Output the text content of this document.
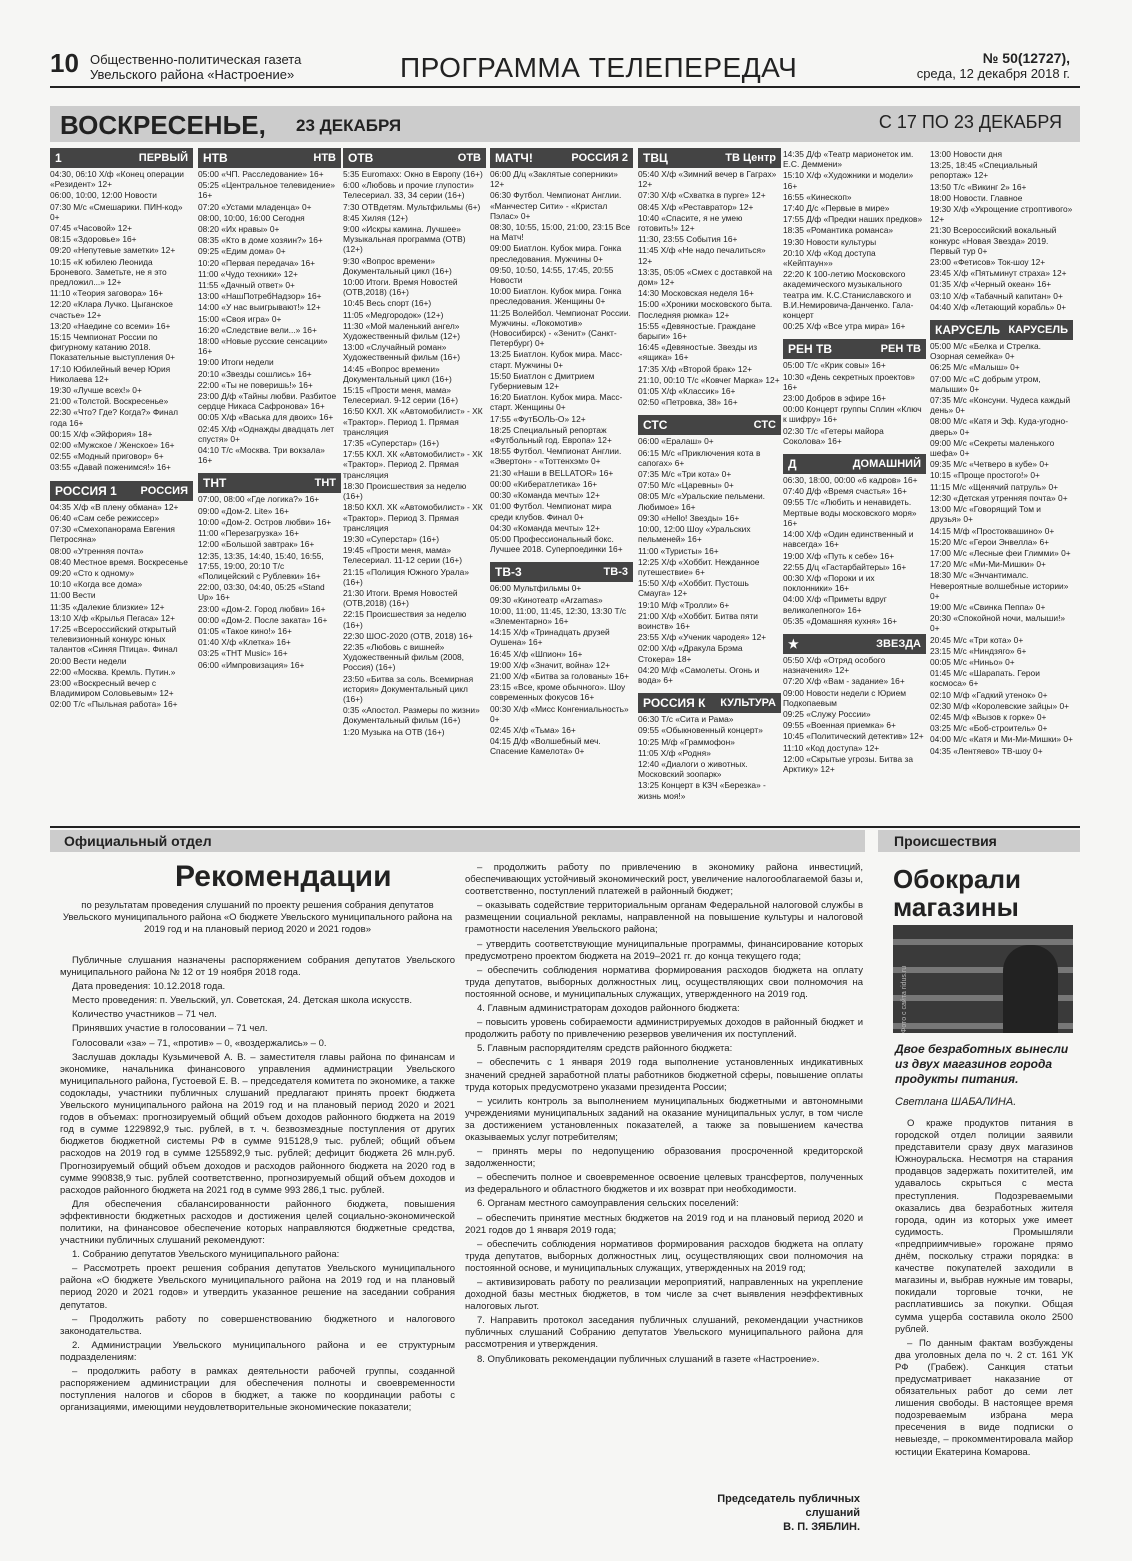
10 Общественно-политическая газета
Увельского района «Настроение»	ПРОГРАММА ТЕЛЕПЕРЕДАЧ	№ 50(12727),
среда, 12 декабря 2018 г.
ВОСКРЕСЕНЬЕ, 23 ДЕКАБРЯ	С 17 ПО 23 ДЕКАБРЯ
1	ПЕРВЫЙ
04:30, 06:10 Х/ф «Конец операции «Резидент» 12+
06:00, 10:00, 12:00 Новости
07:30 М/с «Смешарики. ПИН-код» 0+
07:45 «Часовой» 12+
08:15 «Здоровье» 16+
09:20 «Непутевые заметки» 12+
10:15 «К юбилею Леонида Броневого. Заметьте, не я это предложил...» 12+
11:10 «Теория заговора» 16+
12:20 «Клара Лучко. Цыганское счастье» 12+
13:20 «Наедине со всеми» 16+
15:15 Чемпионат России по фигурному катанию 2018. Показательные выступления 0+
17:10 Юбилейный вечер Юрия Николаева 12+
19:30 «Лучше всех!» 0+
21:00 «Толстой. Воскресенье»
22:30 «Что? Где? Когда?» Финал года 16+
00:15 Х/ф «Эйфория» 18+
02:00 «Мужское / Женское» 16+
02:55 «Модный приговор» 6+
03:55 «Давай поженимся!» 16+
РОССИЯ 1 РОССИЯ
04:35 Х/ф «В плену обмана» 12+
06:40 «Сам себе режиссер»
07:30 «Смехопанорама Евгения Петросяна»
08:00 «Утренняя почта»
08:40 Местное время. Воскресенье
09:20 «Сто к одному»
10:10 «Когда все дома»
11:00 Вести
11:35 «Далекие близкие» 12+
13:10 Х/ф «Крылья Пегаса» 12+
17:25 «Всероссийский открытый телевизионный конкурс юных талантов «Синяя Птица». Финал
20:00 Вести недели
22:00 «Москва. Кремль. Путин.»
23:00 «Воскресный вечер с Владимиром Соловьевым» 12+
02:00 Т/с «Пыльная работа» 16+
НТВ	НТВ
05:00 «ЧП. Расследование» 16+
05:25 «Центральное телевидение» 16+
07:20 «Устами младенца» 0+
08:00, 10:00, 16:00 Сегодня
08:20 «Их нравы» 0+
08:35 «Кто в доме хозяин?» 16+
09:25 «Едим дома» 0+
10:20 «Первая передача» 16+
11:00 «Чудо техники» 12+
11:55 «Дачный ответ» 0+
13:00 «НашПотребНадзор» 16+
14:00 «У нас выигрывают!» 12+
15:00 «Своя игра» 0+
16:20 «Следствие вели...» 16+
18:00 «Новые русские сенсации» 16+
19:00 Итоги недели
20:10 «Звезды сошлись» 16+
22:00 «Ты не поверишь!» 16+
23:00 Д/ф «Тайны любви. Разбитое сердце Никаса Сафронова» 16+
00:05 Х/ф «Васька для двоих» 16+
02:45 Х/ф «Однажды двадцать лет спустя» 0+
04:10 Т/с «Москва. Три вокзала» 16+
ТНТ	ТНТ
07:00, 08:00 «Где логика?» 16+
09:00 «Дом-2. Lite» 16+
10:00 «Дом-2. Остров любви» 16+
11:00 «Перезагрузка» 16+
12:00 «Большой завтрак» 16+
12:35, 13:35, 14:40, 15:40, 16:55, 17:55, 19:00, 20:10 Т/с «Полицейский с Рублевки» 16+
22:00, 03:30, 04:40, 05:25 «Stand Up» 16+
23:00 «Дом-2. Город любви» 16+
00:00 «Дом-2. После заката» 16+
01:05 «Такое кино!» 16+
01:40 Х/ф «Клетка» 16+
03:25 «ТНТ Music» 16+
06:00 «Импровизация» 16+
ОТВ	ОТВ
5:35 Euromaxx: Окно в Европу (16+)
6:00 «Любовь и прочие глупости» Телесериал. 33, 34 серии (16+)
7:30 ОТВдетям. Мультфильмы (6+)
8:45 Хиляя (12+)
9:00 «Искры камина. Лучшее» Музыкальная программа (ОТВ) (12+)
9:30 «Вопрос времени» Документальный цикл (16+)
10:00 Итоги. Время Новостей (ОТВ,2018) (16+)
10:45 Весь спорт (16+)
11:05 «Медгородок» (12+)
11:30 «Мой маленький ангел» Художественный фильм (12+)
13:00 «Случайный роман» Художественный фильм (16+)
14:45 «Вопрос времени» Документальный цикл (16+)
15:15 «Прости меня, мама» Телесериал. 9-12 серии (16+)
16:50 КХЛ. ХК «Автомобилист» - ХК «Трактор». Период 1. Прямая трансляция
17:35 «Суперстар» (16+)
17:55 КХЛ. ХК «Автомобилист» - ХК «Трактор». Период 2. Прямая трансляция
18:30 Происшествия за неделю (16+)
18:50 КХЛ. ХК «Автомобилист» - ХК «Трактор». Период 3. Прямая трансляция
19:30 «Суперстар» (16+)
19:45 «Прости меня, мама» Телесериал. 11-12 серии (16+)
21:15 «Полиция Южного Урала» (16+)
21:30 Итоги. Время Новостей (ОТВ,2018) (16+)
22:15 Происшествия за неделю (16+)
22:30 ШОС-2020 (ОТВ, 2018) 16+
22:35 «Любовь с вишней» Художественный фильм (2008, Россия) (16+)
23:50 «Битва за соль. Всемирная история» Документальный цикл (16+)
0:35 «Апостол. Размеры по жизни» Документальный фильм (16+)
1:20 Музыка на ОТВ (16+)
МАТЧ!	РОССИЯ 2
06:00 Д/ц «Заклятые соперники» 12+
06:30 Футбол. Чемпионат Англии. «Манчестер Сити» - «Кристал Пэлас» 0+
08:30, 10:55, 15:00, 21:00, 23:15 Все на Матч!
09:00 Биатлон. Кубок мира. Гонка преследования. Мужчины 0+
09:50, 10:50, 14:55, 17:45, 20:55 Новости
10:00 Биатлон. Кубок мира. Гонка преследования. Женщины 0+
11:25 Волейбол. Чемпионат России. Мужчины. «Локомотив» (Новосибирск) - «Зенит» (Санкт-Петербург) 0+
13:25 Биатлон. Кубок мира. Масс-старт. Мужчины 0+
15:50 Биатлон с Дмитрием Губерниевым 12+
16:20 Биатлон. Кубок мира. Масс-старт. Женщины 0+
17:55 «ФутБОЛЬ-О» 12+
18:25 Специальный репортаж «Футбольный год. Европа» 12+
18:55 Футбол. Чемпионат Англии. «Эвертон» - «Тоттенхэм» 0+
21:30 «Наши в BELLATOR» 16+
00:00 «Кибератлетика» 16+
00:30 «Команда мечты» 12+
01:00 Футбол. Чемпионат мира среди клубов. Финал 0+
04:30 «Команда мечты» 12+
05:00 Профессиональный бокс. Лучшее 2018. Суперпоединки 16+
ТВ-3	ТВ-3
06:00 Мультфильмы 0+
09:30 «Кинотеатр «Arzamas»
10:00, 11:00, 11:45, 12:30, 13:30 Т/с «Элементарно» 16+
14:15 Х/ф «Тринадцать друзей Оушена» 16+
16:45 Х/ф «Шпион» 16+
19:00 Х/ф «Значит, война» 12+
21:00 Х/ф «Битва за голованы» 16+
23:15 «Все, кроме обычного». Шоу современных фокусов 16+
00:30 Х/ф «Мисс Конгениальность» 0+
02:45 Х/ф «Тьма» 16+
04:15 Д/ф «Волшебный меч. Спасение Камелота» 0+
ТВЦ	ТВ Центр
05:40 Х/ф «Зимний вечер в Гаграх» 12+
07:30 Х/ф «Схватка в пурге» 12+
08:45 Х/ф «Реставратор» 12+
10:40 «Спасите, я не умею готовить!» 12+
11:30, 23:55 События 16+
11:45 Х/ф «Не надо печалиться» 12+
13:35, 05:05 «Смех с доставкой на дом» 12+
14:30 Московская неделя 16+
15:00 «Хроники московского быта. Последняя рюмка» 12+
15:55 «Девяностые. Граждане барыги» 16+
16:45 «Девяностые. Звезды из «ящика» 16+
17:35 Х/ф «Второй брак» 12+
21:10, 00:10 Т/с «Ковчег Марка» 12+
01:05 Х/ф «Классик» 16+
02:50 «Петровка, 38» 16+
СТС	СТС
06:00 «Ералаш» 0+
06:15 М/с «Приключения кота в сапогах» 6+
07:35 М/с «Три кота» 0+
07:50 М/с «Царевны» 0+
08:05 М/с «Уральские пельмени. Любимое» 16+
09:30 «Hello! Звезды» 16+
10:00, 12:00 Шоу «Уральских пельменей» 16+
11:00 «Туристы» 16+
12:25 Х/ф «Хоббит. Нежданное путешествие» 6+
15:50 Х/ф «Хоббит. Пустошь Смауга» 12+
19:10 М/ф «Тролли» 6+
21:00 Х/ф «Хоббит. Битва пяти воинств» 16+
23:55 Х/ф «Ученик чародея» 12+
02:00 Х/ф «Дракула Брэма Стокера» 18+
04:20 М/ф «Самолеты. Огонь и вода» 6+
РОССИЯ К КУЛЬТУРА
06:30 Т/с «Сита и Рама»
09:55 «Обыкновенный концерт»
10:25 М/ф «Граммофон»
11:05 Х/ф «Родня»
12:40 «Диалоги о животных. Московский зоопарк»
13:25 Концерт в КЗЧ «Березка» - жизнь моя!»
14:35 Д/ф «Театр марионеток им. Е.С. Деммени»
15:10 Х/ф «Художники и модели» 16+
16:55 «Кинескоп»
17:40 Д/с «Первые в мире»
17:55 Д/ф «Предки наших предков»
18:35 «Романтика романса»
19:30 Новости культуры
20:10 Х/ф «Код доступа «Кейптаун»»
22:20 К 100-летию Московского академического музыкального театра им. К.С.Станиславского и В.И.Немировича-Данченко. Гала-концерт
00:25 Х/ф «Все утра мира» 16+
РЕН ТВ	РЕН ТВ
05:00 Т/с «Крик совы» 16+
10:30 «День секретных проектов» 16+
23:00 Добров в эфире 16+
00:00 Концерт группы Сплин «Ключ к шифру» 16+
02:30 Т/с «Гетеры майора Соколова» 16+
Д	ДОМАШНИЙ
06:30, 18:00, 00:00 «6 кадров» 16+
07:40 Д/ф «Время счастья» 16+
09:55 Т/с «Любить и ненавидеть. Мертвые воды московского моря» 16+
14:00 Х/ф «Один единственный и навсегда» 16+
19:00 Х/ф «Путь к себе» 16+
22:55 Д/ц «Гастарбайтеры» 16+
00:30 Х/ф «Пороки и их поклонники» 16+
04:00 Х/ф «Приметы вдруг великолепного» 16+
05:35 «Домашняя кухня» 16+
★	ЗВЕЗДА
05:50 Х/ф «Отряд особого назначения» 12+
07:20 Х/ф «Вам - задание» 16+
09:00 Новости недели с Юрием Подкопаевым
09:25 «Служу России»
09:55 «Военная приемка» 6+
10:45 «Политический детектив» 12+
11:10 «Код доступа» 12+
12:00 «Скрытые угрозы. Битва за Арктику» 12+
13:00 Новости дня
13:25, 18:45 «Специальный репортаж» 12+
13:50 Т/с «Викинг 2» 16+
18:00 Новости. Главное
19:30 Х/ф «Укрощение строптивого» 12+
21:30 Всероссийский вокальный конкурс «Новая Звезда» 2019. Первый тур 0+
23:00 «Фетисов» Ток-шоу 12+
23:45 Х/ф «Пятьминут страха» 12+
01:35 Х/ф «Черный океан» 16+
03:10 Х/ф «Табачный капитан» 0+
04:40 Х/ф «Летающий корабль» 0+
КАРУСЕЛЬ КАРУСЕЛЬ
05:00 М/с «Белка и Стрелка. Озорная семейка» 0+
06:25 М/с «Малыш» 0+
07:00 М/с «С добрым утром, малыши» 0+
07:35 М/с «Консуни. Чудеса каждый день» 0+
08:00 М/с «Катя и Эф. Куда-угодно-дверь» 0+
09:00 М/с «Секреты маленького шефа» 0+
09:35 М/с «Четверо в кубе» 0+
10:15 «Проще простого!» 0+
11:15 М/с «Щенячий патруль» 0+
12:30 «Детская утренняя почта» 0+
13:00 М/с «Говорящий Том и друзья» 0+
14:15 М/ф «Простоквашино» 0+
15:20 М/с «Герои Энвелла» 6+
17:00 М/с «Лесные феи Глимми» 0+
17:20 М/с «Ми-Ми-Мишки» 0+
18:30 М/с «Энчантималс. Невероятные волшебные истории» 0+
19:00 М/с «Свинка Пеппа» 0+
20:30 «Спокойной ночи, малыши!» 0+
20:45 М/с «Три кота» 0+
23:15 М/с «Ниндзяго» 6+
00:05 М/с «Ниньо» 0+
01:45 М/с «Шарапать. Герои космоса» 6+
02:10 М/ф «Гадкий утенок» 0+
02:30 М/ф «Королевские зайцы» 0+
02:45 М/ф «Вызов к горке» 0+
03:25 М/с «Боб-строитель» 0+
04:00 М/с «Катя и Ми-Ми-Мишки» 0+
04:35 «Лентяево» ТВ-шоу 0+
Официальный отдел	Происшествия
Рекомендации
по результатам проведения слушаний по проекту решения собрания депутатов Увельского муниципального района «О бюджете Увельского муниципального района на 2019 год и на плановый период 2020 и 2021 годов»

Публичные слушания назначены распоряжением собрания депутатов Увельского муниципального района № 12 от 19 ноября 2018 года.

Дата проведения: 10.12.2018 года.

Место проведения: п. Увельский, ул. Советская, 24. Детская школа искусств.

Количество участников – 71 чел.

Принявших участие в голосовании – 71 чел.

Голосовали «за» – 71, «против» – 0, «воздержались» – 0.

Заслушав доклады Кузьмичевой А. В. – заместителя главы района по финансам и экономике, начальника финансового управления администрации Увельского муниципального района, Густоевой Е. В. – председателя комитета по экономике, а также содоклады, участники публичных слушаний предлагают принять проект бюджета Увельского муниципального района на 2019 год и на плановый период 2020 и 2021 годов в объемах: прогнозируемый общий объем доходов районного бюджета на 2019 год в сумме 1229892,9 тыс. рублей, в т. ч. безвозмездные поступления от других бюджетов бюджетной системы РФ в сумме 915128,9 тыс. рублей; общий объем расходов на 2019 год в сумме 1255892,9 тыс. рублей; дефицит бюджета 26 млн.руб. Прогнозируемый общий объем доходов и расходов районного бюджета на 2020 год в сумме 990838,9 тыс. рублей соответственно, прогнозируемый общий объем доходов и расходов районного бюджета на 2021 год в сумме 993 286,1 тыс. рублей.

Для обеспечения сбалансированности районного бюджета, повышения эффективности бюджетных расходов и достижения целей социально-экономической политики, на финансовое обеспечение которых направляются бюджетные средства, участники публичных слушаний рекомендуют:

1. Собранию депутатов Увельского муниципального района:

– Рассмотреть проект решения собрания депутатов Увельского муниципального района «О бюджете Увельского муниципального района на 2019 год и на плановый период 2020 и 2021 годов» и утвердить указанное решение на заседании собрания депутатов.

– Продолжить работу по совершенствованию бюджетного и налогового законодательства.

2. Администрации Увельского муниципального района и ее структурным подразделениям:

– продолжить работу в рамках деятельности рабочей группы, созданной распоряжением администрации для обеспечения полноты и своевременности поступления налогов и сборов в бюджет, а также по координации работы с организациями, имеющими неудовлетворительные экономические показатели;

– продолжить работу по привлечению в экономику района инвестиций, обеспечивающих устойчивый экономический рост, увеличение налогооблагаемой базы и, соответственно, поступлений платежей в районный бюджет;

– оказывать содействие территориальным органам Федеральной налоговой службы в размещении социальной рекламы, направленной на повышение культуры и налоговой грамотности населения Увельского района;

– утвердить соответствующие муниципальные программы, финансирование которых предусмотрено проектом бюджета на 2019–2021 гг. до конца текущего года;

– обеспечить соблюдения норматива формирования расходов бюджета на оплату труда депутатов, выборных должностных лиц, осуществляющих свои полномочия на постоянной основе, и муниципальных служащих, утвержденного на 2019 год.

4. Главным администраторам доходов районного бюджета:

– повысить уровень собираемости администрируемых доходов в районный бюджет и продолжить работу по привлечению резервов увеличения их поступлений.

5. Главным распорядителям средств районного бюджета:

– обеспечить с 1 января 2019 года выполнение установленных индикативных значений средней заработной платы работников бюджетной сферы, повышение оплаты труда которых предусмотрено указами президента России;

– усилить контроль за выполнением муниципальных бюджетными и автономными учреждениями муниципальных заданий на оказание муниципальных услуг, в том числе за достижением установленных показателей, а также за повышением качества оказываемых услуг потребителям;

– принять меры по недопущению образования просроченной кредиторской задолженности;

– обеспечить полное и своевременное освоение целевых трансфертов, полученных из федерального и областного бюджетов и их возврат при необходимости.

6. Органам местного самоуправления сельских поселений:

– обеспечить принятие местных бюджетов на 2019 год и на плановый период 2020 и 2021 годов до 1 января 2019 года;

– обеспечить соблюдения нормативов формирования расходов бюджета на оплату труда депутатов, выборных должностных лиц, осуществляющих свои полномочия на постоянной основе, и муниципальных служащих, утвержденных на 2019 год;

– активизировать работу по реализации мероприятий, направленных на укрепление доходной базы местных бюджетов, в том числе за счет выявления неэффективных налоговых льгот.

7. Направить протокол заседания публичных слушаний, рекомендации участников публичных слушаний Собранию депутатов Увельского муниципального района для рассмотрения и утверждения.

8. Опубликовать рекомендации публичных слушаний в газете «Настроение».

Председатель публичных слушаний
В. П. ЗЯБЛИН.
Обокрали магазины
Фото с сайта ridus.ru
Двое безработных вынесли из двух магазинов города продукты питания.
Светлана ШАБАЛИНА.

О краже продуктов питания в городской отдел полиции заявили представители сразу двух магазинов Южноуральска. Несмотря на старания продавцов задержать похитителей, им удавалось скрыться с места преступления. Подозреваемыми оказались два безработных жителя города, один из которых уже имеет судимость. Промышляли «предприимчивые» горожане прямо днём, поскольку стражи порядка: в качестве покупателей заходили в магазины и, выбрав нужные им товары, покидали торговые точки, не расплатившись за покупки. Общая сумма ущерба составила около 2500 рублей.

– По данным фактам возбуждены два уголовных дела по ч. 2 ст. 161 УК РФ (Грабеж). Санкция статьи предусматривает наказание от обязательных работ до семи лет лишения свободы. В настоящее время подозреваемым избрана мера пресечения в виде подписки о невыезде, – прокомментировала майор юстиции Екатерина Комарова.
